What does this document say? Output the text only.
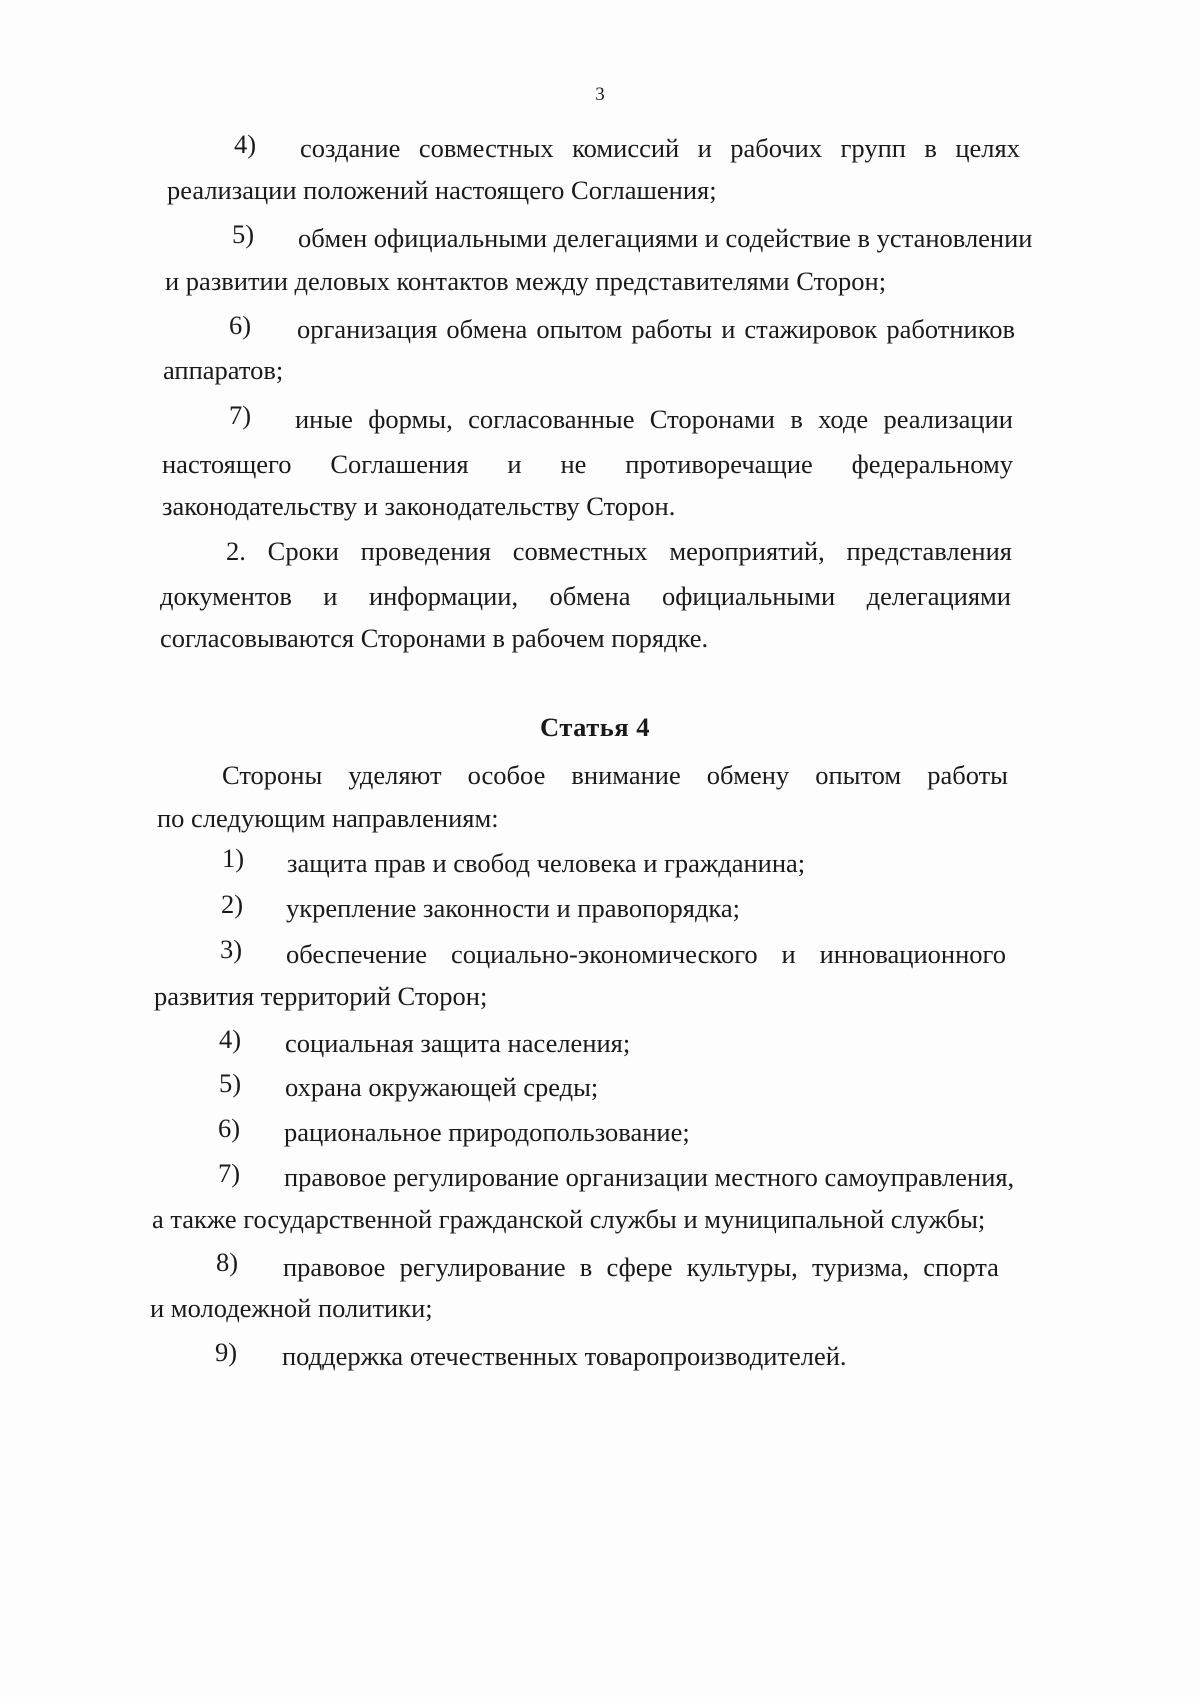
3
4) создание совместных комиссий и рабочих групп в целях
реализации положений настоящего Соглашения;
5) обмен официальными делегациями и содействие в установлении
и развитии деловых контактов между представителями Сторон;
6) организация обмена опытом работы и стажировок работников
аппаратов;
7) иные формы, согласованные Сторонами в ходе реализации
настоящего Соглашения и не противоречащие федеральному
законодательству и законодательству Сторон.
2. Сроки проведения совместных мероприятий, представления
документов и информации, обмена официальными делегациями
согласовываются Сторонами в рабочем порядке.
Статья 4
Стороны уделяют особое внимание обмену опытом работы
по следующим направлениям:
1) защита прав и свобод человека и гражданина;
2) укрепление законности и правопорядка;
3) обеспечение социально-экономического и инновационного
развития территорий Сторон;
4) социальная защита населения;
5) охрана окружающей среды;
6) рациональное природопользование;
7) правовое регулирование организации местного самоуправления,
а также государственной гражданской службы и муниципальной службы;
8) правовое регулирование в сфере культуры, туризма, спорта
и молодежной политики;
9) поддержка отечественных товаропроизводителей.
